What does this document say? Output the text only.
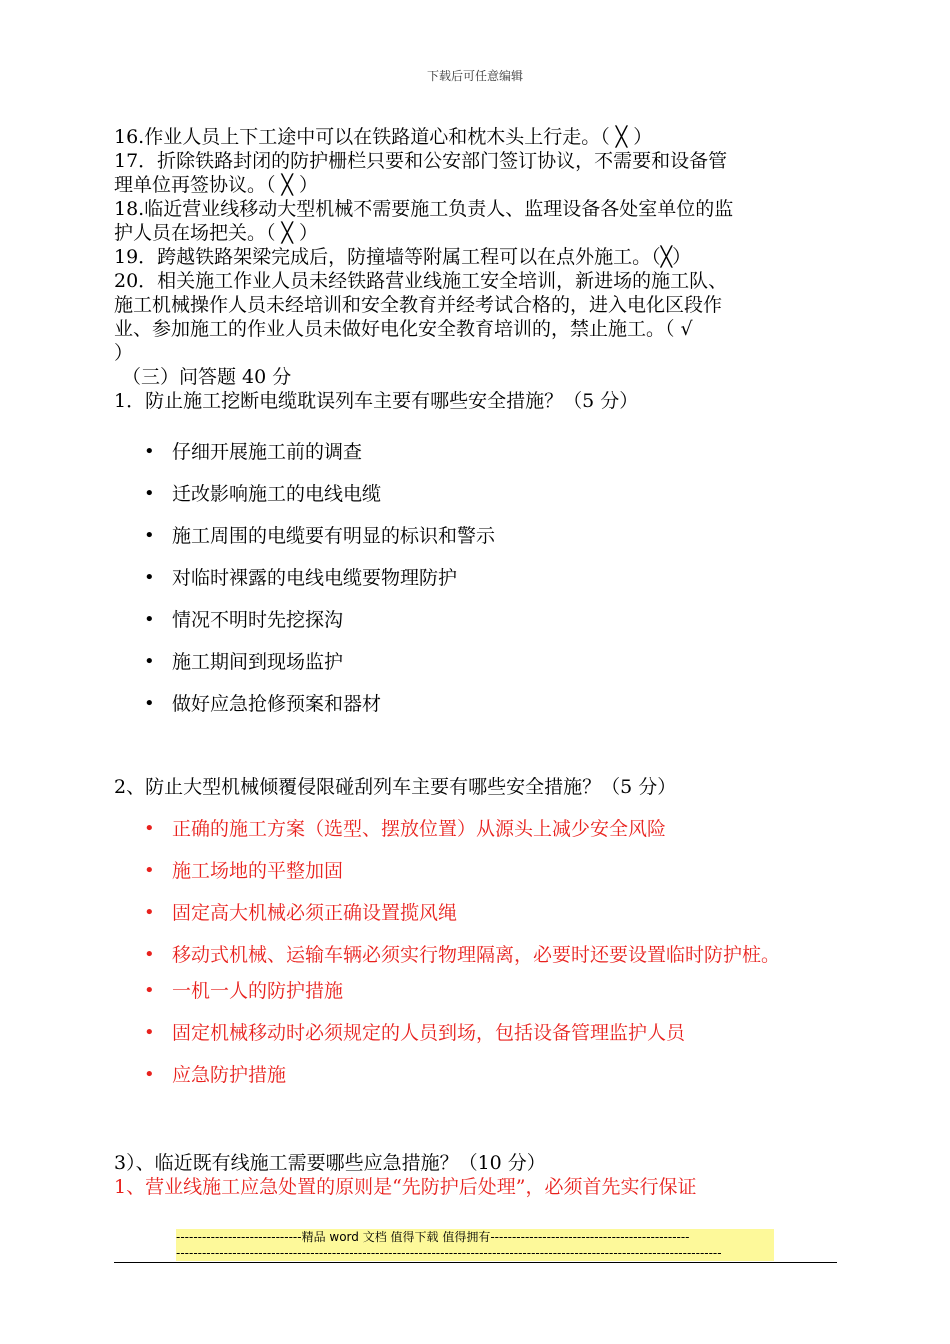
下载后可任意编辑
16.作业人员上下工途中可以在铁路道心和枕木头上行走。（ ╳ ）
17．折除铁路封闭的防护栅栏只要和公安部门签订协议，不需要和设备管
理单位再签协议。（ ╳ ）
18.临近营业线移动大型机械不需要施工负责人、监理设备各处室单位的监
护人员在场把关。（ ╳ ）
19．跨越铁路架梁完成后，防撞墙等附属工程可以在点外施工。（╳）
20．相关施工作业人员未经铁路营业线施工安全培训，新进场的施工队、
施工机械操作人员未经培训和安全教育并经考试合格的，进入电化区段作
业、参加施工的作业人员未做好电化安全教育培训的，禁止施工。（ √
）
（三）问答题 40 分
1．防止施工挖断电缆耽误列车主要有哪些安全措施？（5 分）
• 仔细开展施工前的调查
• 迁改影响施工的电线电缆
• 施工周围的电缆要有明显的标识和警示
• 对临时裸露的电线电缆要物理防护
• 情况不明时先挖探沟
• 施工期间到现场监护
• 做好应急抢修预案和器材
2、防止大型机械倾覆侵限碰刮列车主要有哪些安全措施？（5 分）
• 正确的施工方案（选型、摆放位置）从源头上减少安全风险
• 施工场地的平整加固
• 固定高大机械必须正确设置揽风绳
• 移动式机械、运输车辆必须实行物理隔离，必要时还要设置临时防护桩。
• 一机一人的防护措施
• 固定机械移动时必须规定的人员到场，包括设备管理监护人员
• 应急防护措施
3）、临近既有线施工需要哪些应急措施？（10 分）
1、营业线施工应急处置的原则是“先防护后处理”，必须首先实行保证
-----------------------------精品 word 文档 值得下载 值得拥有----------------------------------------------
------------------------------------------------------------------------------------------------------------------------------
